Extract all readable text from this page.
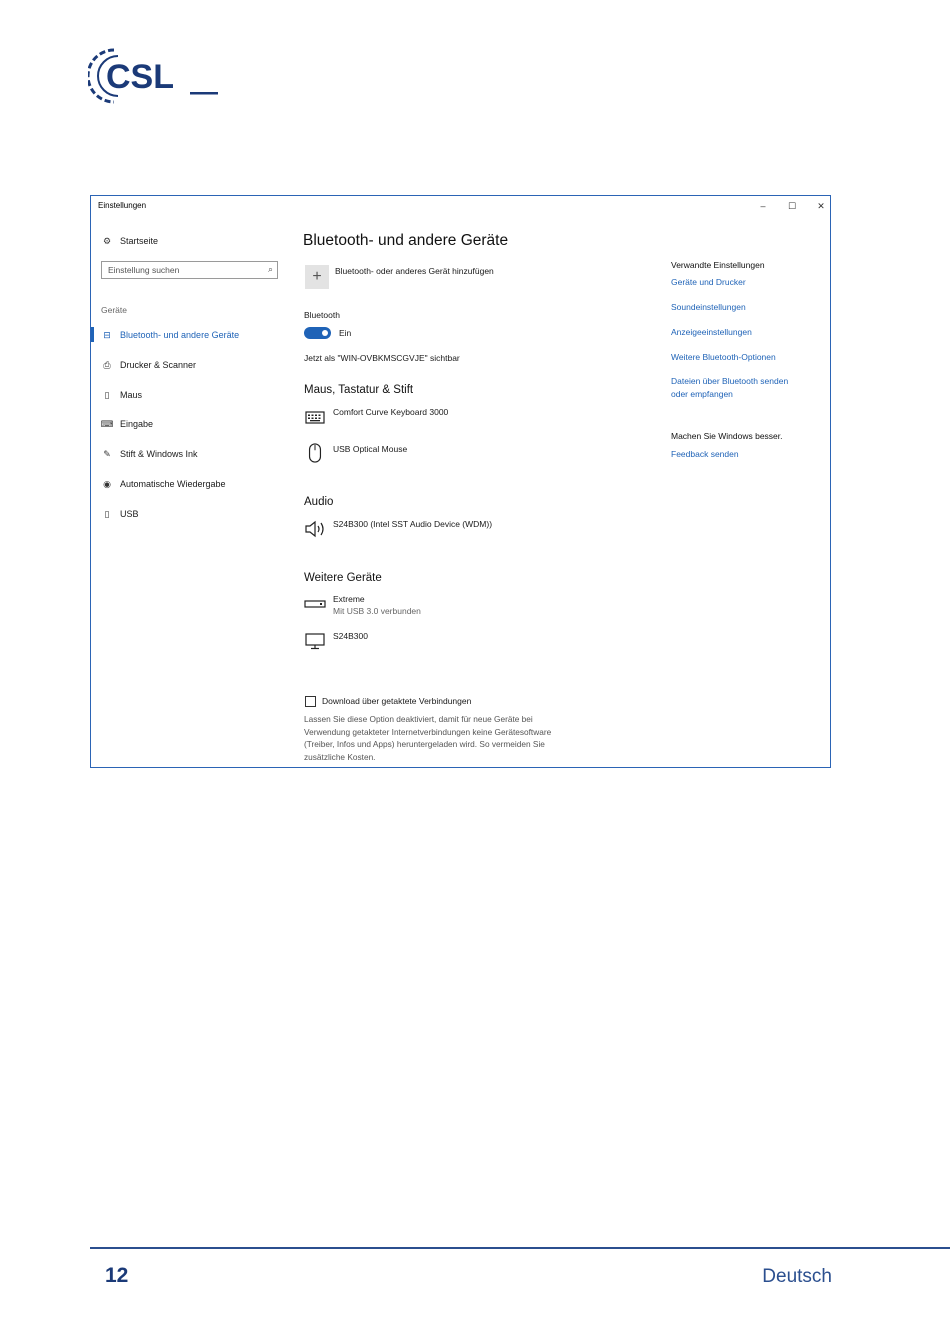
CSL
Einstellungen	–	☐	✕
⚙ Startseite
Einstellung suchen	⌕
Geräte
⊟	Bluetooth- und andere Geräte
⎙	Drucker & Scanner
▯	Maus
⌨ Eingabe
✎	Stift & Windows Ink
◉	Automatische Wiedergabe
▯	USB
Bluetooth- und andere Geräte
+ Bluetooth- oder anderes Gerät hinzufügen
Bluetooth
Ein
Jetzt als "WIN-OVBKMSCGVJE" sichtbar
Maus, Tastatur & Stift
Comfort Curve Keyboard 3000
USB Optical Mouse
Audio
S24B300 (Intel SST Audio Device (WDM))
Weitere Geräte
Extreme
Mit USB 3.0 verbunden
S24B300
Download über getaktete Verbindungen
Lassen Sie diese Option deaktiviert, damit für neue Geräte bei
Verwendung getakteter Internetverbindungen keine Gerätesoftware
(Treiber, Infos und Apps) heruntergeladen wird. So vermeiden Sie
zusätzliche Kosten.
Verwandte Einstellungen
Geräte und Drucker
Soundeinstellungen
Anzeigeeinstellungen
Weitere Bluetooth-Optionen
Dateien über Bluetooth senden
oder empfangen
Machen Sie Windows besser.
Feedback senden
12	Deutsch
